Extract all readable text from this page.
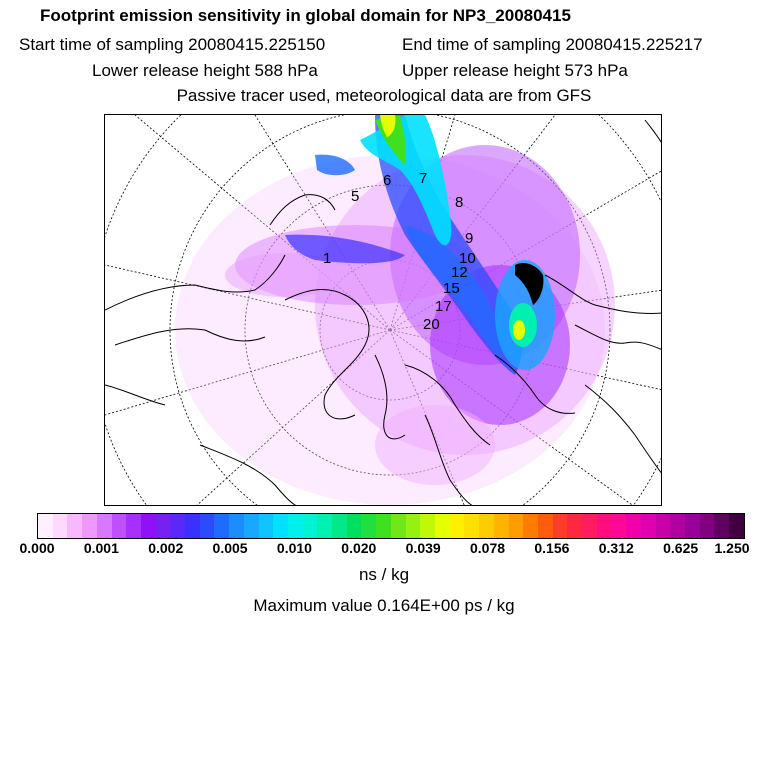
Footprint emission sensitivity in global domain for NP3_20080415
Start time of sampling 20080415.225150	End time of sampling 20080415.225217
Lower release height 588 hPa	Upper release height 573 hPa
Passive tracer used, meteorological data are from GFS
1
5
6 7
8
9
10
12
15
17
20
0.000 0.001 0.002 0.005 0.010 0.020 0.039 0.078 0.156 0.312 0.625 1.250
ns / kg
Maximum value 0.164E+00 ps / kg
